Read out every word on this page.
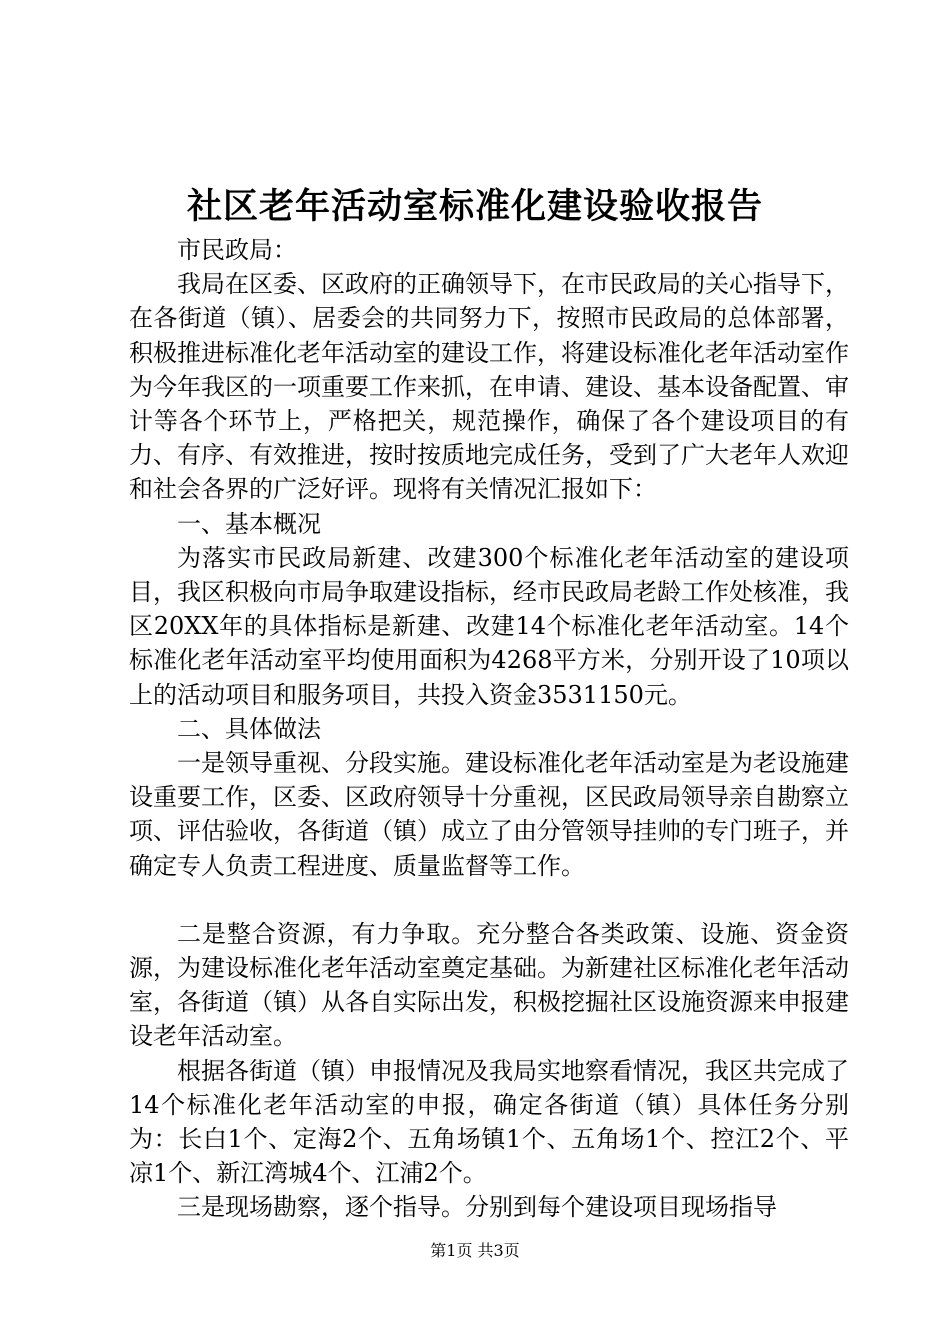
社区老年活动室标准化建设验收报告

市民政局：

我局在区委、区政府的正确领导下，在市民政局的关心指导下，在各街道（镇）、居委会的共同努力下，按照市民政局的总体部署，积极推进标准化老年活动室的建设工作，将建设标准化老年活动室作为今年我区的一项重要工作来抓，在申请、建设、基本设备配置、审计等各个环节上，严格把关，规范操作，确保了各个建设项目的有力、有序、有效推进，按时按质地完成任务，受到了广大老年人欢迎和社会各界的广泛好评。现将有关情况汇报如下：

一、基本概况

为落实市民政局新建、改建300个标准化老年活动室的建设项目，我区积极向市局争取建设指标，经市民政局老龄工作处核准，我区20XX年的具体指标是新建、改建14个标准化老年活动室。14个标准化老年活动室平均使用面积为4268平方米，分别开设了10项以上的活动项目和服务项目，共投入资金3531150元。

二、具体做法

一是领导重视、分段实施。建设标准化老年活动室是为老设施建设重要工作，区委、区政府领导十分重视，区民政局领导亲自勘察立项、评估验收，各街道（镇）成立了由分管领导挂帅的专门班子，并确定专人负责工程进度、质量监督等工作。

二是整合资源，有力争取。充分整合各类政策、设施、资金资源，为建设标准化老年活动室奠定基础。为新建社区标准化老年活动室，各街道（镇）从各自实际出发，积极挖掘社区设施资源来申报建设老年活动室。

根据各街道（镇）申报情况及我局实地察看情况，我区共完成了14个标准化老年活动室的申报，确定各街道（镇）具体任务分别为：长白1个、定海2个、五角场镇1个、五角场1个、控江2个、平凉1个、新江湾城4个、江浦2个。

三是现场勘察，逐个指导。分别到每个建设项目现场指导

第1页 共3页
